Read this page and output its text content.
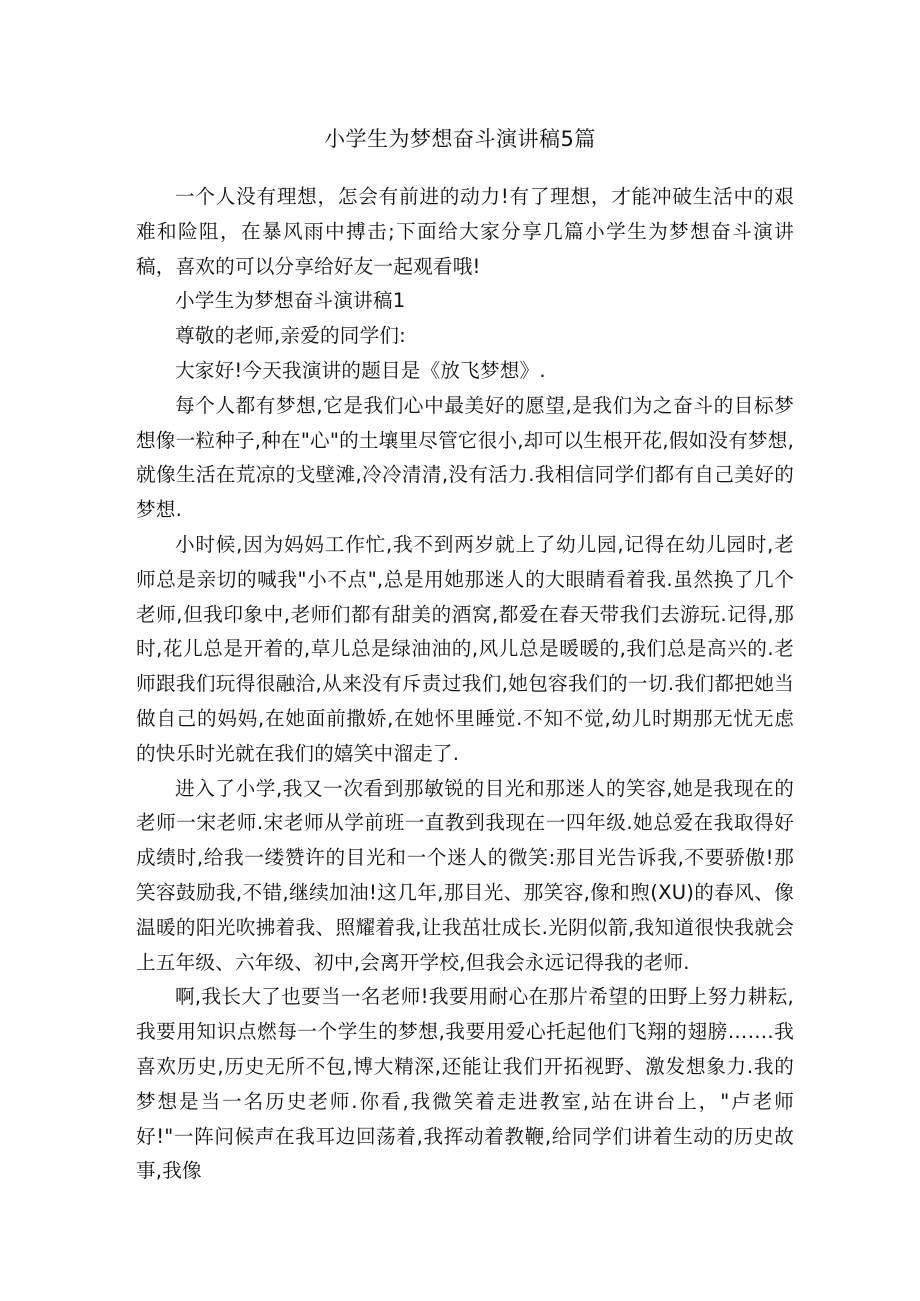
小学生为梦想奋斗演讲稿5篇

一个人没有理想，怎会有前进的动力!有了理想，才能冲破生活中的艰难和险阻，在暴风雨中搏击;下面给大家分享几篇小学生为梦想奋斗演讲稿，喜欢的可以分享给好友一起观看哦!

小学生为梦想奋斗演讲稿1

尊敬的老师,亲爱的同学们:

大家好!今天我演讲的题目是《放飞梦想》.

每个人都有梦想,它是我们心中最美好的愿望,是我们为之奋斗的目标梦想像一粒种子,种在"心"的土壤里尽管它很小,却可以生根开花,假如没有梦想,就像生活在荒凉的戈壁滩,冷冷清清,没有活力.我相信同学们都有自己美好的梦想.

小时候,因为妈妈工作忙,我不到两岁就上了幼儿园,记得在幼儿园时,老师总是亲切的喊我"小不点",总是用她那迷人的大眼睛看着我.虽然换了几个老师,但我印象中,老师们都有甜美的酒窝,都爱在春天带我们去游玩.记得,那时,花儿总是开着的,草儿总是绿油油的,风儿总是暖暖的,我们总是高兴的.老师跟我们玩得很融洽,从来没有斥责过我们,她包容我们的一切.我们都把她当做自己的妈妈,在她面前撒娇,在她怀里睡觉.不知不觉,幼儿时期那无忧无虑的快乐时光就在我们的嬉笑中溜走了.

进入了小学,我又一次看到那敏锐的目光和那迷人的笑容,她是我现在的老师一宋老师.宋老师从学前班一直教到我现在一四年级.她总爱在我取得好成绩时,给我一缕赞许的目光和一个迷人的微笑:那目光告诉我,不要骄傲!那笑容鼓励我,不错,继续加油!这几年,那目光、那笑容,像和煦(XU)的春风、像温暖的阳光吹拂着我、照耀着我,让我茁壮成长.光阴似箭,我知道很快我就会上五年级、六年级、初中,会离开学校,但我会永远记得我的老师.

啊,我长大了也要当一名老师!我要用耐心在那片希望的田野上努力耕耘,我要用知识点燃每一个学生的梦想,我要用爱心托起他们飞翔的翅膀…….我喜欢历史,历史无所不包,博大精深,还能让我们开拓视野、激发想象力.我的梦想是当一名历史老师.你看,我微笑着走进教室,站在讲台上，"卢老师好!"一阵问候声在我耳边回荡着,我挥动着教鞭,给同学们讲着生动的历史故事,我像
